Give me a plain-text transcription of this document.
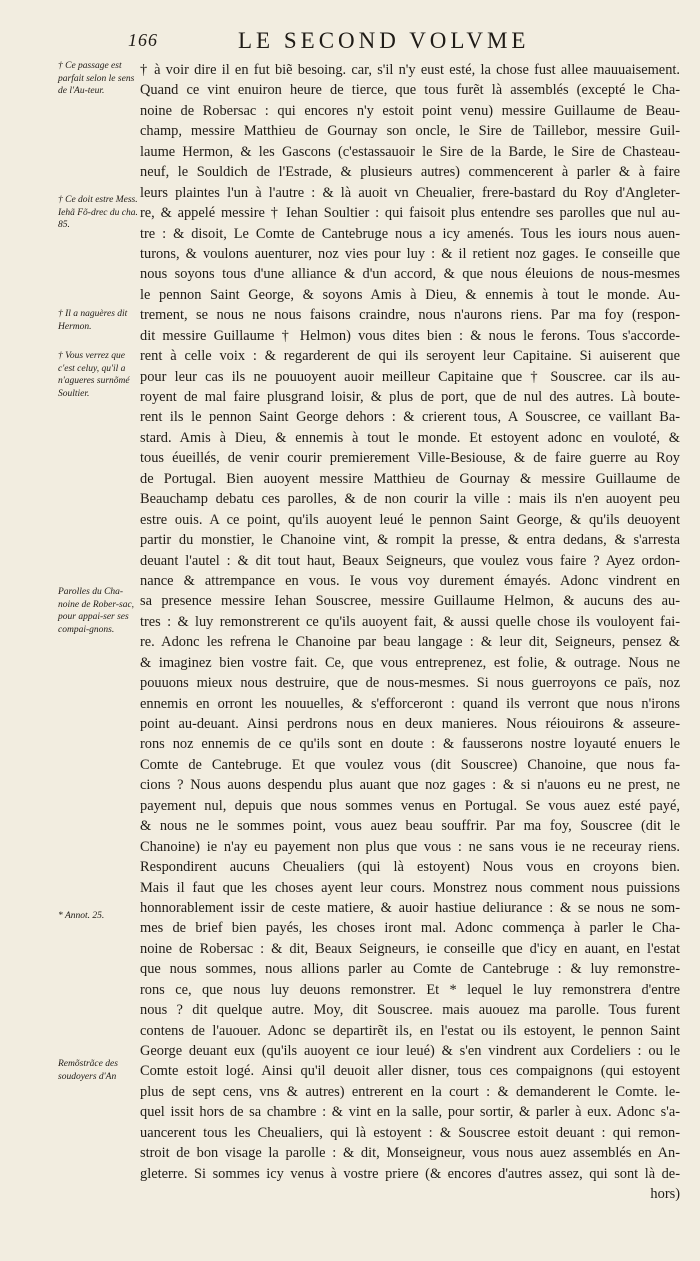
166	LE SECOND VOLVME
† Ce passage est parfait selon le sens de l'Au-teur.
† Ce doit estre Mess. Iehã Fõ-drec du cha. 85.
† Il a naguères dit Hermon.
† Vous verrez que c'est celuy, qu'il a n'agueres surnõmé Soultier.
Parolles du Cha-noine de Rober-sac, pour appai-ser ses compai-gnons.
* Annot. 25.
Remõstrãce des soudoyers d'An
† à voir dire il en fut biẽ besoing. car, s'il n'y eust esté, la chose fust allee mauuaisement.
Quand ce vint enuiron heure de tierce, que tous furẽt là assemblés (excepté le Cha-
noine de Robersac : qui encores n'y estoit point venu) messire Guillaume de Beau-
champ, messire Matthieu de Gournay son oncle, le Sire de Taillebor, messire Guil-
laume Hermon, & les Gascons (c'estassauoir le Sire de la Barde, le Sire de Chasteau-
neuf, le Souldich de l'Estrade, & plusieurs autres) commencerent à parler & à faire
leurs plaintes l'un à l'autre : & là auoit vn Cheualier, frere-bastard du Roy d'Angleter-
re, & appelé messire † Iehan Soultier : qui faisoit plus entendre ses parolles que nul au-
tre : & disoit, Le Comte de Cantebruge nous a icy amenés. Tous les iours nous auen-
turons, & voulons auenturer, noz vies pour luy : & il retient noz gages. Ie conseille que
nous soyons tous d'une alliance & d'un accord, & que nous éleuions de nous-mesmes
le pennon Saint George, & soyons Amis à Dieu, & ennemis à tout le monde. Au-
trement, se nous ne nous faisons craindre, nous n'aurons riens. Par ma foy (respon-
dit messire Guillaume † Helmon) vous dites bien : & nous le ferons. Tous s'accorde-
rent à celle voix : & regarderent de qui ils seroyent leur Capitaine. Si auiserent que
pour leur cas ils ne pouuoyent auoir meilleur Capitaine que † Souscree. car ils au-
royent de mal faire plusgrand loisir, & plus de port, que de nul des autres. Là boute-
rent ils le pennon Saint George dehors : & crierent tous, A Souscree, ce vaillant Ba-
stard. Amis à Dieu, & ennemis à tout le monde. Et estoyent adonc en vouloté, &
tous éueillés, de venir courir premierement Ville-Besiouse, & de faire guerre au Roy
de Portugal. Bien auoyent messire Matthieu de Gournay & messire Guillaume de
Beauchamp debatu ces parolles, & de non courir la ville : mais ils n'en auoyent peu
estre ouis. A ce point, qu'ils auoyent leué le pennon Saint George, & qu'ils deuoyent
partir du monstier, le Chanoine vint, & rompit la presse, & entra dedans, & s'arresta
deuant l'autel : & dit tout haut, Beaux Seigneurs, que voulez vous faire ? Ayez ordon-
nance & attrempance en vous. Ie vous voy durement émayés. Adonc vindrent en
sa presence messire Iehan Souscree, messire Guillaume Helmon, & aucuns des au-
tres : & luy remonstrerent ce qu'ils auoyent fait, & aussi quelle chose ils vouloyent fai-
re. Adonc les refrena le Chanoine par beau langage : & leur dit, Seigneurs, pensez &
& imaginez bien vostre fait. Ce, que vous entreprenez, est folie, & outrage. Nous ne
pouuons mieux nous destruire, que de nous-mesmes. Si nous guerroyons ce païs, noz
ennemis en orront les nouuelles, & s'efforceront : quand ils verront que nous n'irons
point au-deuant. Ainsi perdrons nous en deux manieres. Nous réiouirons & asseure-
rons noz ennemis de ce qu'ils sont en doute : & fausserons nostre loyauté enuers le
Comte de Cantebruge. Et que voulez vous (dit Souscree) Chanoine, que nous fa-
cions ? Nous auons despendu plus auant que noz gages : & si n'auons eu ne prest, ne
payement nul, depuis que nous sommes venus en Portugal. Se vous auez esté payé,
& nous ne le sommes point, vous auez beau souffrir. Par ma foy, Souscree (dit le
Chanoine) ie n'ay eu payement non plus que vous : ne sans vous ie ne receuray riens.
Respondirent aucuns Cheualiers (qui là estoyent) Nous vous en croyons bien.
Mais il faut que les choses ayent leur cours. Monstrez nous comment nous puissions
honnorablement issir de ceste matiere, & auoir hastiue deliurance : & se nous ne som-
mes de brief bien payés, les choses iront mal. Adonc commença à parler le Cha-
noine de Robersac : & dit, Beaux Seigneurs, ie conseille que d'icy en auant, en l'estat
que nous sommes, nous allions parler au Comte de Cantebruge : & luy remonstre-
rons ce, que nous luy deuons remonstrer. Et * lequel le luy remonstrera d'entre
nous ? dit quelque autre. Moy, dit Souscree. mais auouez ma parolle. Tous furent
contens de l'auouer. Adonc se departirẽt ils, en l'estat ou ils estoyent, le pennon Saint
George deuant eux (qu'ils auoyent ce iour leué) & s'en vindrent aux Cordeliers : ou le
Comte estoit logé. Ainsi qu'il deuoit aller disner, tous ces compaignons (qui estoyent
plus de sept cens, vns & autres) entrerent en la court : & demanderent le Comte. le-
quel issit hors de sa chambre : & vint en la salle, pour sortir, & parler à eux. Adonc s'a-
uancerent tous les Cheualiers, qui là estoyent : & Souscree estoit deuant : qui remon-
stroit de bon visage la parolle : & dit, Monseigneur, vous nous auez assemblés en An-
gleterre. Si sommes icy venus à vostre priere (& encores d'autres assez, qui sont là de-
hors)
